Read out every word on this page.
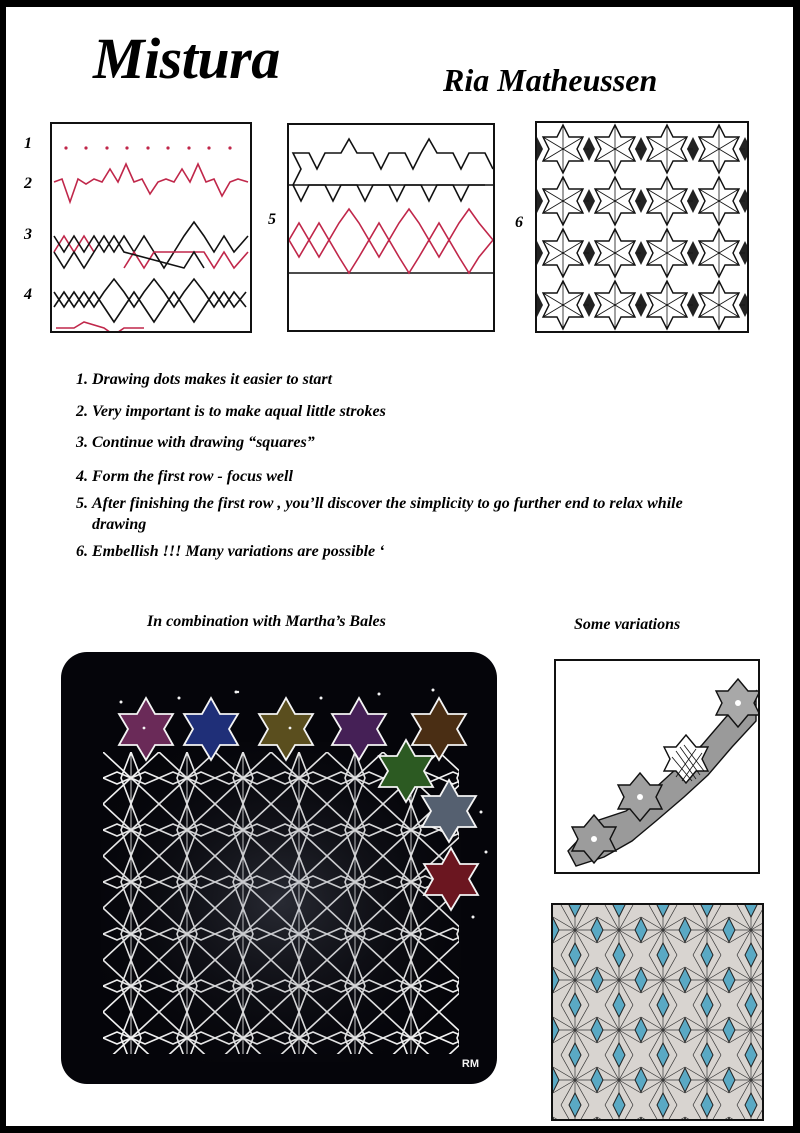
Mistura	Ria Matheussen
1
2
3
4
5	6
1. Drawing dots makes it easier to start
2. Very important is to make aqual little strokes
3. Continue with drawing “squares”
4. Form the first row - focus well
5. After finishing the first row , you’ll discover the simplicity to go further end to relax while
drawing
6. Embellish !!! Many variations are possible ‘
In combination with Martha’s Bales	Some variations
RM
